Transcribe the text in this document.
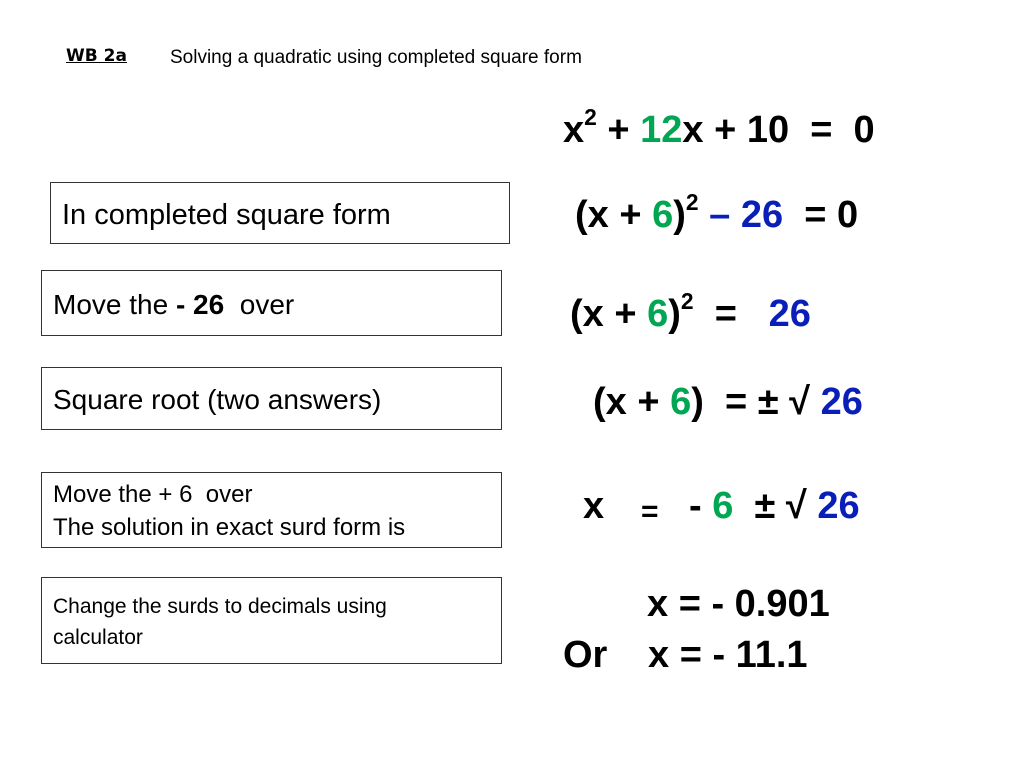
WB 2a Solving a quadratic using completed square form
In completed square form
Move the - 26  over
Square root (two answers)
Move the + 6  over
The solution in exact surd form is
Change the surds to decimals using
calculator
$x^2 + 12x + 10 = 0$
$(x + 6)^2 - 26 = 0$
$(x + 6)^2 = 26$
(x + 6)  = ± √ 26
x = - 6  ± √ 26
x = - 0.901
Or x = - 11.1
